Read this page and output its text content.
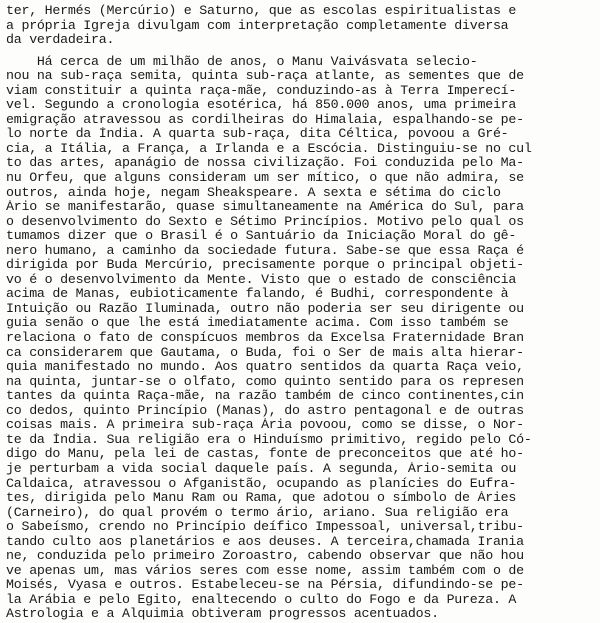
ter, Hermés (Mercúrio) e Saturno, que as escolas espiritualistas e
a própria Igreja divulgam com interpretação completamente diversa
da verdadeira.
Há cerca de um milhão de anos, o Manu Vaivásvata selecio-
nou na sub-raça semita, quinta sub-raça atlante, as sementes que de
viam constituir a quinta raça-mãe, conduzindo-as à Terra Imperecí-
vel. Segundo a cronologia esotérica, há 850.000 anos, uma primeira
emigração atravessou as cordilheiras do Himalaia, espalhando-se pe-
lo norte da Índia. A quarta sub-raça, dita Céltica, povoou a Gré-
cia, a Itália, a França, a Irlanda e a Escócia. Distinguiu-se no cul
to das artes, apanágio de nossa civilização. Foi conduzida pelo Ma-
nu Orfeu, que alguns consideram um ser mítico, o que não admira, se
outros, ainda hoje, negam Sheakspeare. A sexta e sétima do ciclo
Ário se manifestarão, quase simultaneamente na América do Sul, para
o desenvolvimento do Sexto e Sétimo Princípios. Motivo pelo qual os
tumamos dizer que o Brasil é o Santuário da Iniciação Moral do gê-
nero humano, a caminho da sociedade futura. Sabe-se que essa Raça é
dirigida por Buda Mercúrio, precisamente porque o principal objeti-
vo é o desenvolvimento da Mente. Visto que o estado de consciência
acima de Manas, eubioticamente falando, é Budhi, correspondente à
Intuição ou Razão Iluminada, outro não poderia ser seu dirigente ou
guia senão o que lhe está imediatamente acima. Com isso também se
relaciona o fato de conspícuos membros da Excelsa Fraternidade Bran
ca considerarem que Gautama, o Buda, foi o Ser de mais alta hierar-
quia manifestado no mundo. Aos quatro sentidos da quarta Raça veio,
na quinta, juntar-se o olfato, como quinto sentido para os represen
tantes da quinta Raça-mãe, na razão também de cinco continentes,cin
co dedos, quinto Princípio (Manas), do astro pentagonal e de outras
coisas mais. A primeira sub-raça Ária povoou, como se disse, o Nor-
te da Índia. Sua religião era o Hinduísmo primitivo, regido pelo Có-
digo do Manu, pela lei de castas, fonte de preconceitos que até ho-
je perturbam a vida social daquele país. A segunda, Ário-semita ou
Caldaica, atravessou o Afganistão, ocupando as planícies do Eufra-
tes, dirigida pelo Manu Ram ou Rama, que adotou o símbolo de Áries
(Carneiro), do qual provém o termo ário, ariano. Sua religião era
o Sabeísmo, crendo no Princípio deífico Impessoal, universal,tribu-
tando culto aos planetários e aos deuses. A terceira,chamada Irania
ne, conduzida pelo primeiro Zoroastro, cabendo observar que não hou
ve apenas um, mas vários seres com esse nome, assim também com o de
Moisés, Vyasa e outros. Estabeleceu-se na Pérsia, difundindo-se pe-
la Arábia e pelo Egito, enaltecendo o culto do Fogo e da Pureza. A
Astrologia e a Alquimia obtiveram progressos acentuados.
